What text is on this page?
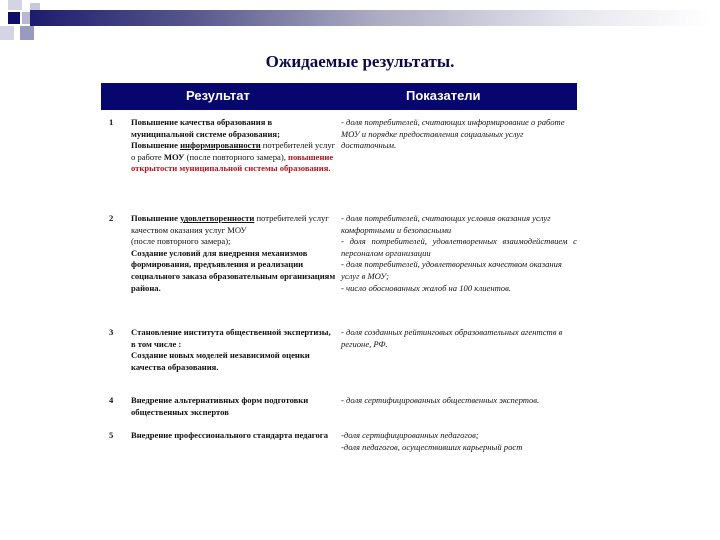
Ожидаемые результаты.
Результат	Показатели
1 Повышение качества образования в муниципальной системе образования;
Повышение информированности потребителей услуг о работе МОУ (после повторного замера), повышение открытости муниципальной системы образования.
- доля потребителей, считающих информирование о работе МОУ и порядке предоставления социальных услуг достаточным.
2 Повышение удовлетворенности потребителей услуг качеством оказания услуг МОУ
(после повторного замера);
Создание условий для внедрения механизмов формирования, предъявления и реализации социального заказа образовательным организациям района.
- доля потребителей, считающих условия оказания услуг комфортными и безопасными
- доля потребителей, удовлетворенных взаимодействием с персоналом организации
- доля потребителей, удовлетворенных качеством оказания услуг в МОУ;
- число обоснованных жалоб на 100 клиентов.
3 Становление института общественной экспертизы, в том числе :
Создание новых моделей независимой оценки качества образования.
- доля созданных рейтинговых образовательных агентств в регионе, РФ.
4 Внедрение альтернативных форм подготовки общественных экспертов
- доля сертифицированных общественных экспертов.
5 Внедрение профессионального стандарта педагога	-доля сертифицированных педагогов;
-доля педагогов, осуществивших карьерный рост
